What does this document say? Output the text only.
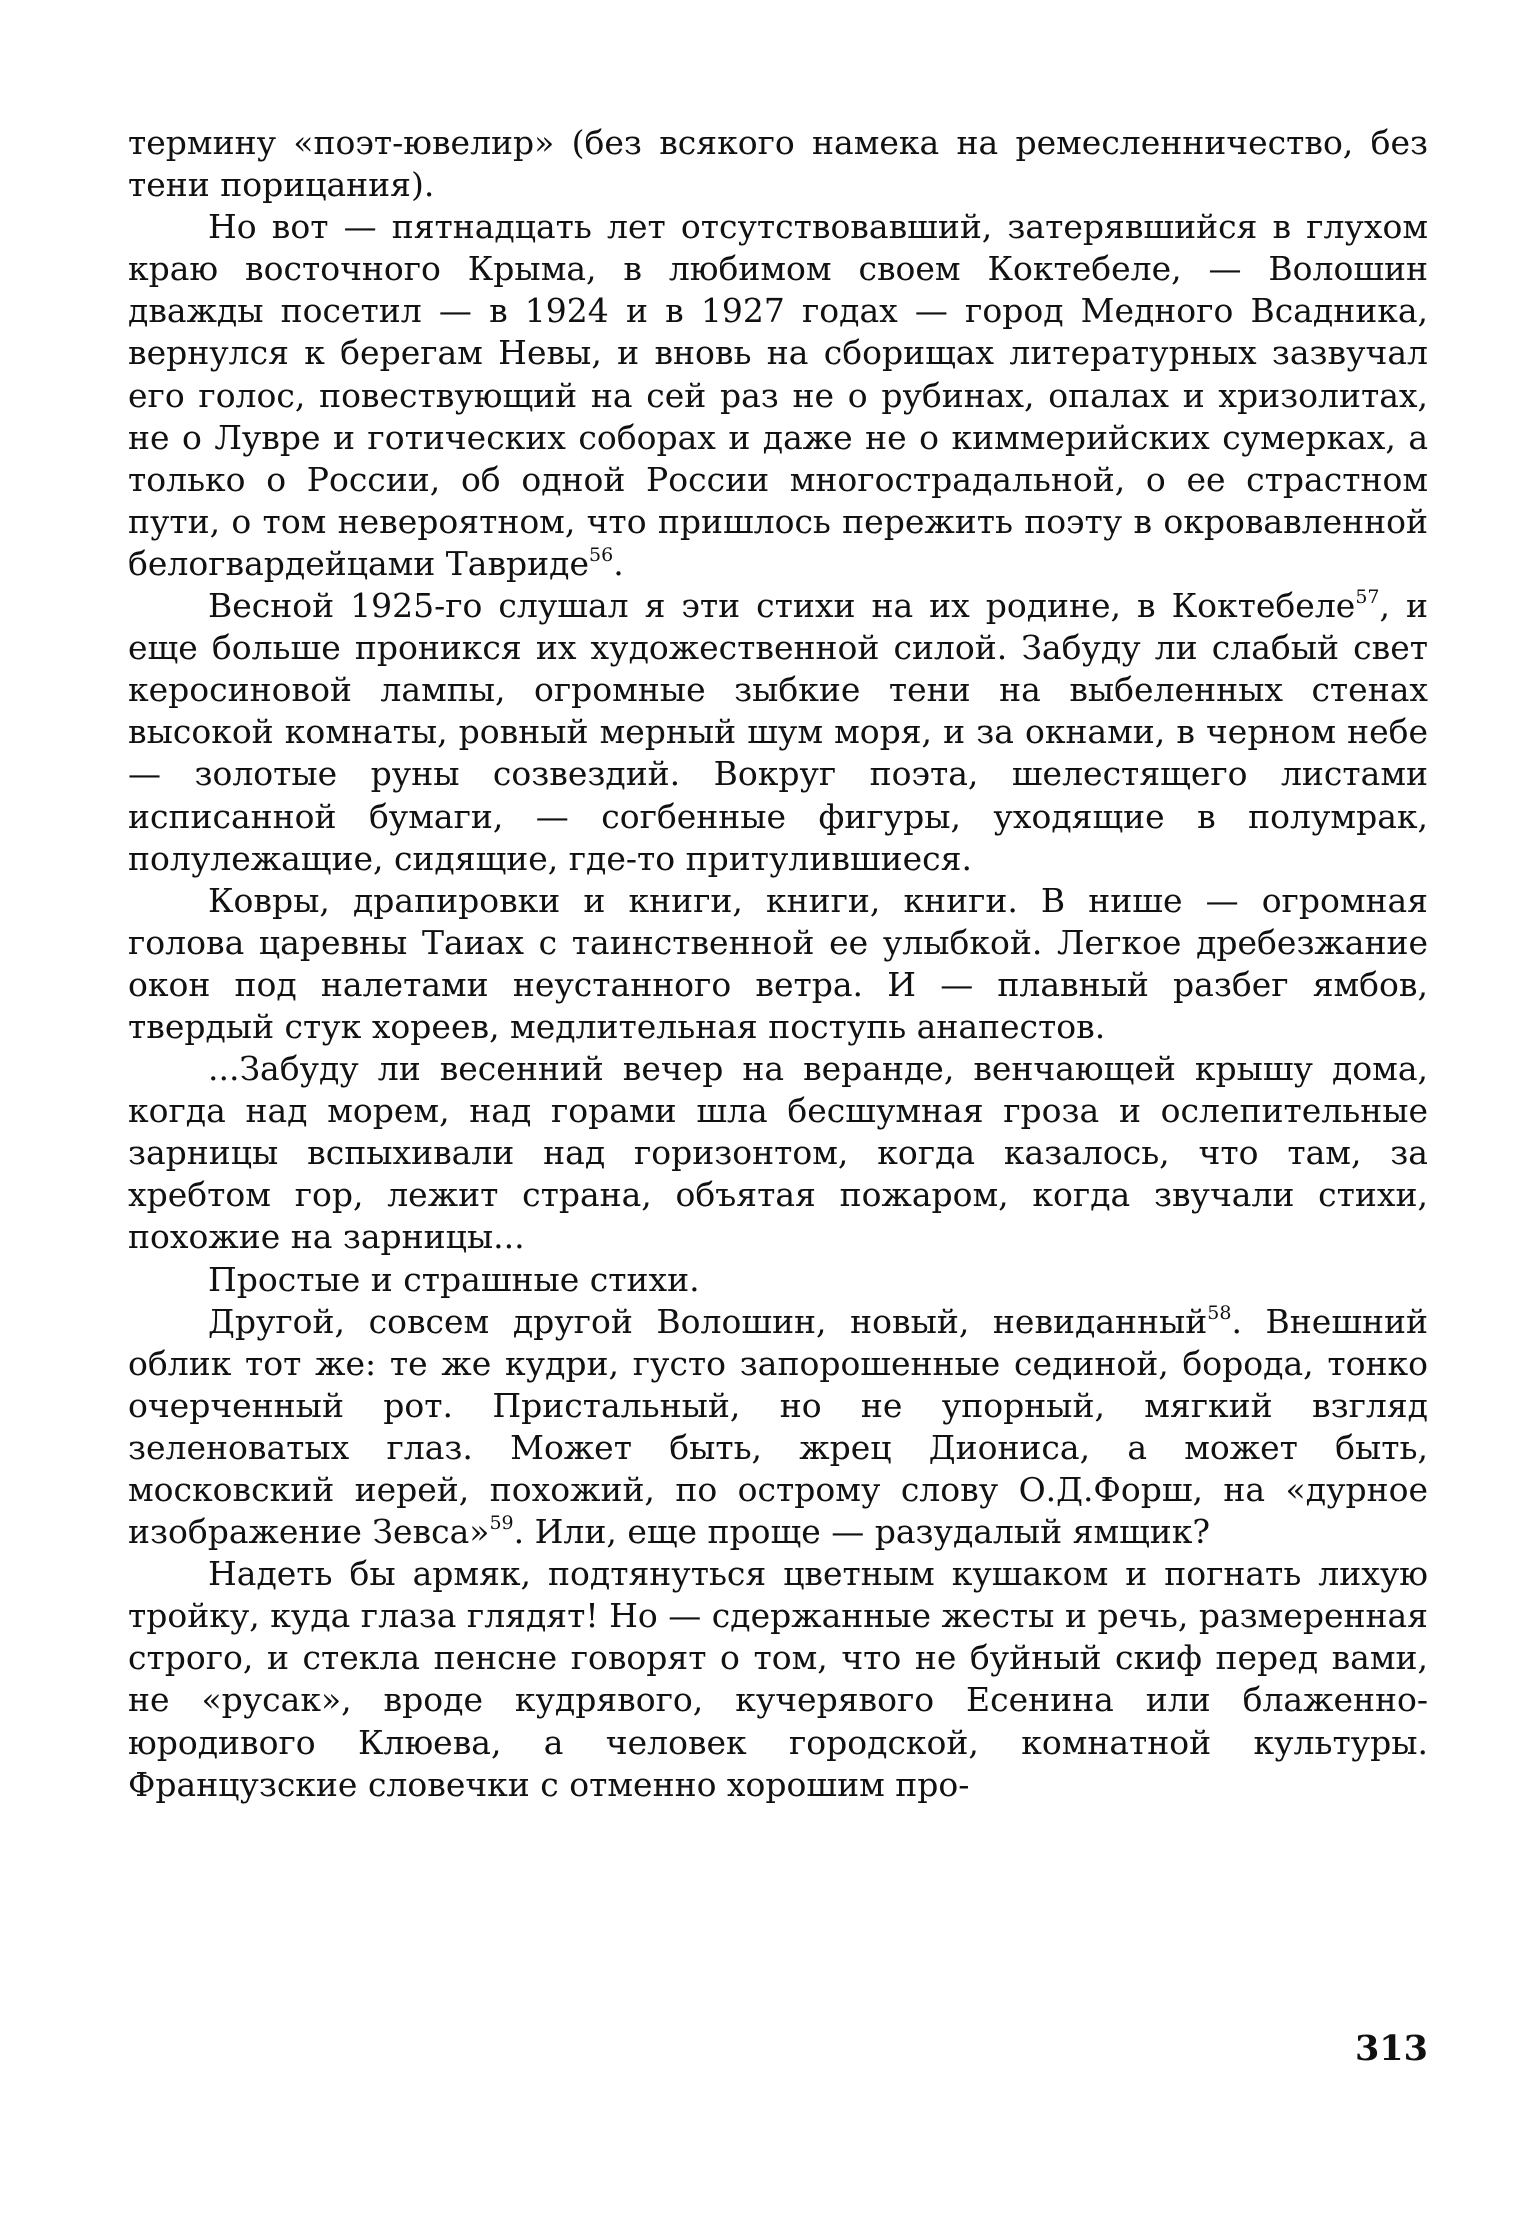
термину «поэт-ювелир» (без всякого намека на ремесленничество, без тени порицания).

Но вот — пятнадцать лет отсутствовавший, затерявшийся в глухом краю восточного Крыма, в любимом своем Коктебеле, — Волошин дважды посетил — в 1924 и в 1927 годах — город Медного Всадника, вернулся к берегам Невы, и вновь на сборищах литературных зазвучал его голос, повествующий на сей раз не о рубинах, опалах и хризолитах, не о Лувре и готических соборах и даже не о киммерийских сумерках, а только о России, об одной России многострадальной, о ее страстном пути, о том невероятном, что пришлось пережить поэту в окровавленной белогвардейцами Тавриде$^{56}$.

Весной 1925-го слушал я эти стихи на их родине, в Коктебеле$^{57}$, и еще больше проникся их художественной силой. Забуду ли слабый свет керосиновой лампы, огромные зыбкие тени на выбеленных стенах высокой комнаты, ровный мерный шум моря, и за окнами, в черном небе — золотые руны созвездий. Вокруг поэта, шелестящего листами исписанной бумаги, — согбенные фигуры, уходящие в полумрак, полулежащие, сидящие, где-то притулившиеся.

Ковры, драпировки и книги, книги, книги. В нише — огромная голова царевны Таиах с таинственной ее улыбкой. Легкое дребезжание окон под налетами неустанного ветра. И — плавный разбег ямбов, твердый стук хореев, медлительная поступь анапестов.

...Забуду ли весенний вечер на веранде, венчающей крышу дома, когда над морем, над горами шла бесшумная гроза и ослепительные зарницы вспыхивали над горизонтом, когда казалось, что там, за хребтом гор, лежит страна, объятая пожаром, когда звучали стихи, похожие на зарницы...

Простые и страшные стихи.

Другой, совсем другой Волошин, новый, невиданный$^{58}$. Внешний облик тот же: те же кудри, густо запорошенные сединой, борода, тонко очерченный рот. Пристальный, но не упорный, мягкий взгляд зеленоватых глаз. Может быть, жрец Диониса, а может быть, московский иерей, похожий, по острому слову О.Д.Форш, на «дурное изображение Зевса»$^{59}$. Или, еще проще — разудалый ямщик?

Надеть бы армяк, подтянуться цветным кушаком и погнать лихую тройку, куда глаза глядят! Но — сдержанные жесты и речь, размеренная строго, и стекла пенсне говорят о том, что не буйный скиф перед вами, не «русак», вроде кудрявого, кучерявого Есенина или блаженно-юродивого Клюева, а человек городской, комнатной культуры. Французские словечки с отменно хорошим про-

313
